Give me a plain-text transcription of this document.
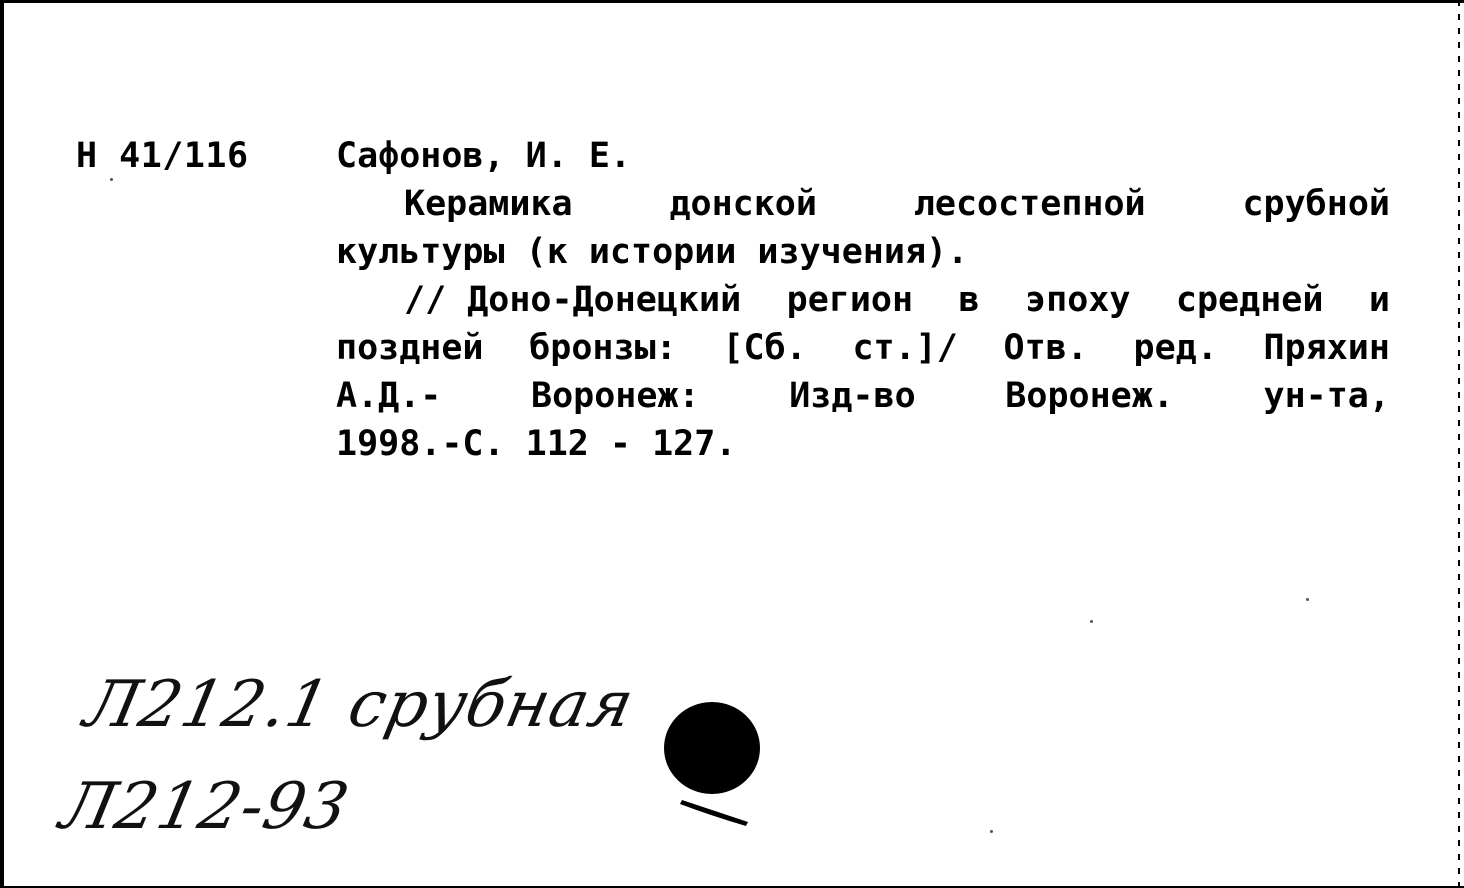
Н 41/116 Сафонов, И. Е.
Керамика	донской	лесостепной	срубной
культуры (к истории изучения).
// Доно-Донецкий регион в эпоху средней и
поздней бронзы: [Сб. ст.]/ Отв. ред. Пряхин
А.Д.-	Воронеж:	Изд-во	Воронеж.	ун-та,
1998.-С. 112 - 127.
Л212.1 срубная
Л212-93
